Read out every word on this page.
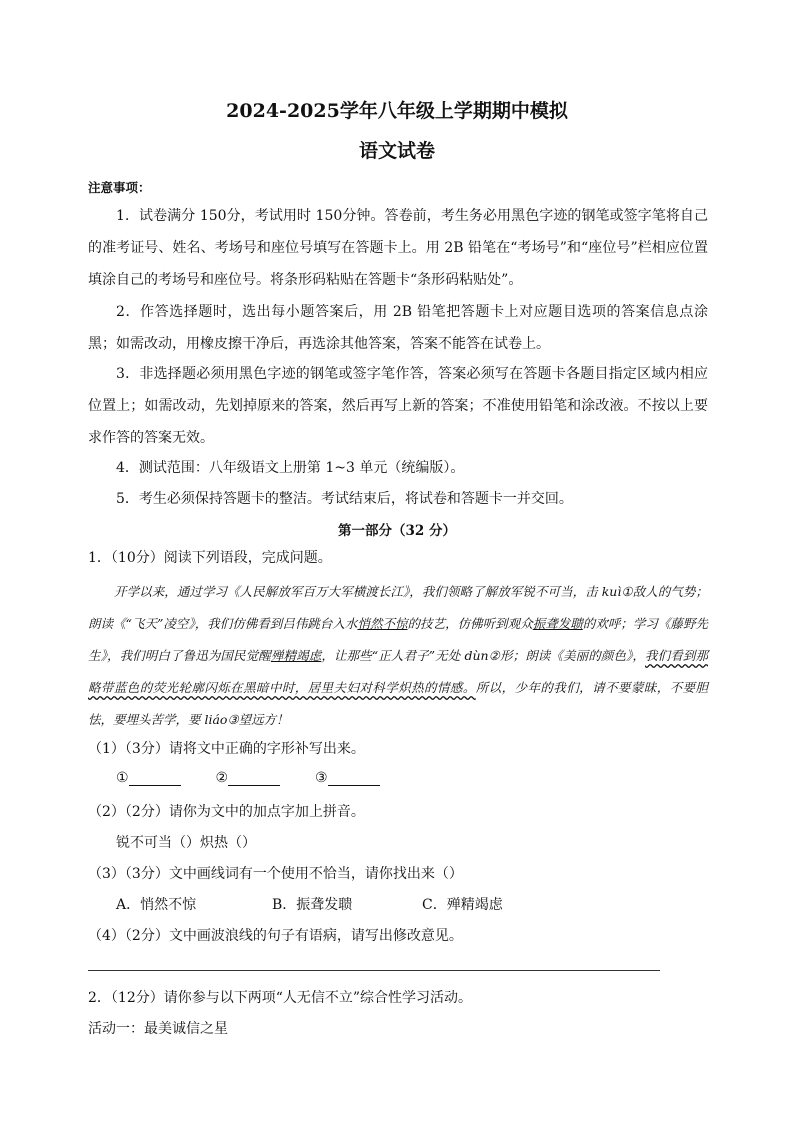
2024-2025学年八年级上学期期中模拟
语文试卷
注意事项：
1．试卷满分 150分，考试用时 150分钟。答卷前，考生务必用黑色字迹的钢笔或签字笔将自己的准考证号、姓名、考场号和座位号填写在答题卡上。用 2B 铅笔在“考场号”和“座位号”栏相应位置填涂自己的考场号和座位号。将条形码粘贴在答题卡“条形码粘贴处”。
2．作答选择题时，选出每小题答案后，用 2B 铅笔把答题卡上对应题目选项的答案信息点涂黑；如需改动，用橡皮擦干净后，再选涂其他答案，答案不能答在试卷上。
3．非选择题必须用黑色字迹的钢笔或签字笔作答，答案必须写在答题卡各题目指定区域内相应位置上；如需改动，先划掉原来的答案，然后再写上新的答案；不准使用铅笔和涂改液。不按以上要求作答的答案无效。
4．测试范围：八年级语文上册第 1~3 单元（统编版）。
5．考生必须保持答题卡的整洁。考试结束后，将试卷和答题卡一并交回。
第一部分（32 分）
1．（10分）阅读下列语段，完成问题。
开学以来，通过学习《人民解放军百万大军横渡长江》，我们领略了解放军锐不可当，击 kuì①敌人的气势；朗读《“飞天”凌空》，我们仿佛看到吕伟跳台入水悄然不惊的技艺，仿佛听到观众振聋发聩的欢呼；学习《藤野先生》，我们明白了鲁迅为国民觉醒殚精竭虑，让那些“正人君子”无处 dùn②形；朗读《美丽的颜色》，我们看到那略带蓝色的荧光轮廓闪烁在黑暗中时，居里夫妇对科学炽热的情感。所以，少年的我们，请不要蒙昧，不要胆怯，要埋头苦学，要 liáo③望远方！
（1）（3分）请将文中正确的字形补写出来。
①	②	③
（2）（2分）请你为文中的加点字加上拼音。
锐不可当（）炽热（）
（3）（3分）文中画线词有一个使用不恰当，请你找出来（）
A．悄然不惊	B．振聋发聩	C．殚精竭虑
（4）（2分）文中画波浪线的句子有语病，请写出修改意见。
2．（12分）请你参与以下两项“人无信不立”综合性学习活动。
活动一：最美诚信之星
